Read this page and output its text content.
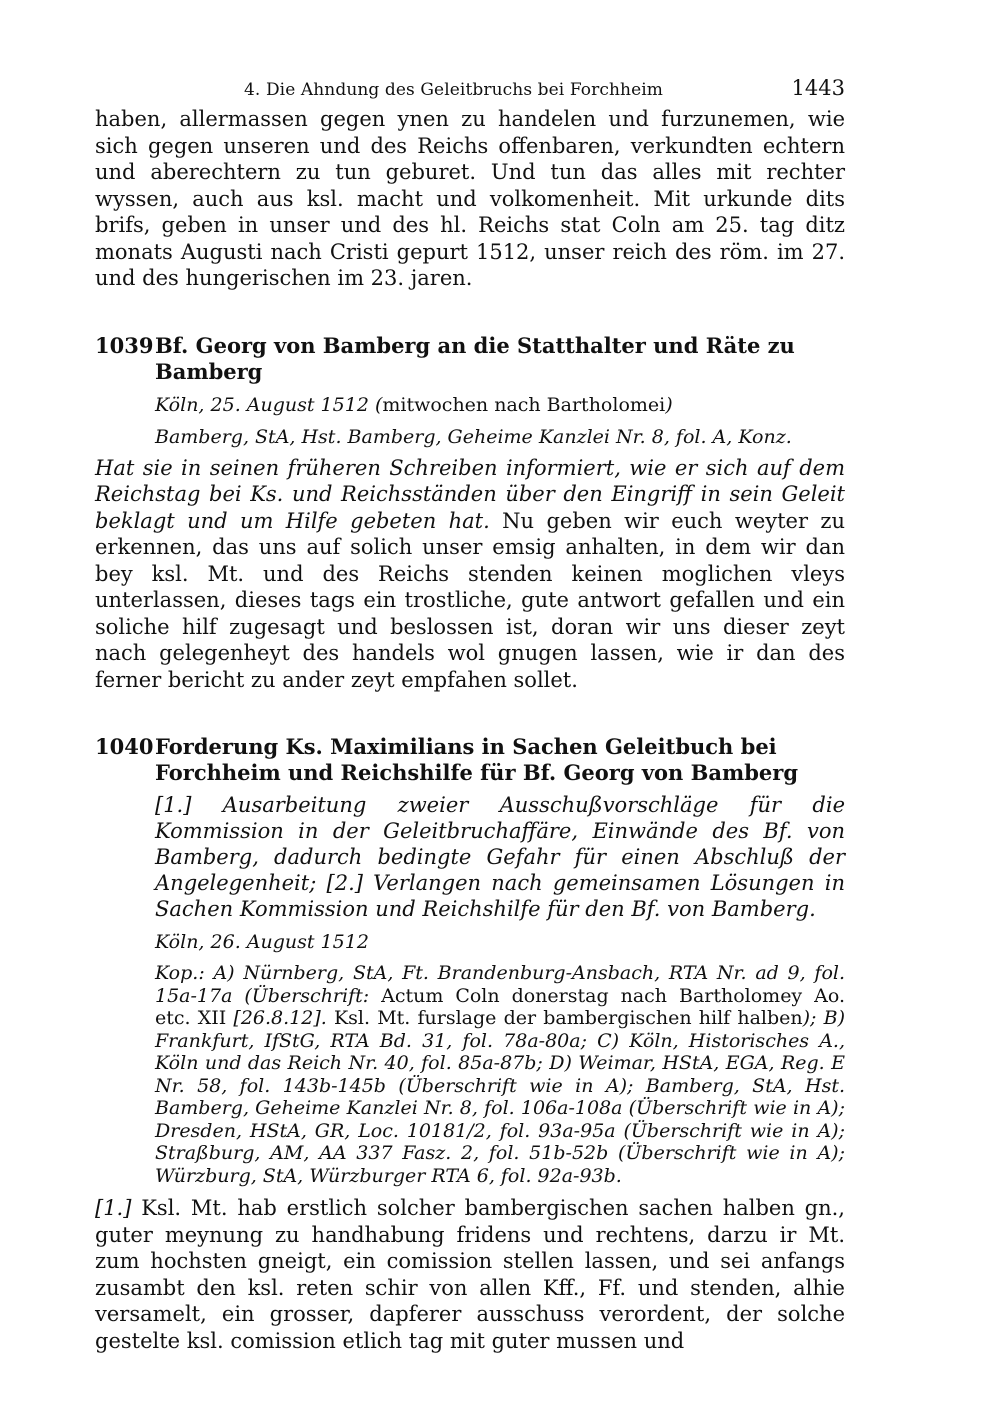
4. Die Ahndung des Geleitbruchs bei Forchheim	1443

haben, allermassen gegen ynen zu handelen und furzunemen, wie sich gegen unseren und des Reichs offenbaren, verkundten echtern und aberechtern zu tun geburet. Und tun das alles mit rechter wyssen, auch aus ksl. macht und volkomenheit. Mit urkunde dits brifs, geben in unser und des hl. Reichs stat Coln am 25. tag ditz monats Augusti nach Cristi gepurt 1512, unser reich des röm. im 27. und des hungerischen im 23. jaren.

1039 Bf. Georg von Bamberg an die Statthalter und Räte zu Bamberg

Köln, 25. August 1512 (mitwochen nach Bartholomei)

Bamberg, StA, Hst. Bamberg, Geheime Kanzlei Nr. 8, fol. A, Konz.

Hat sie in seinen früheren Schreiben informiert, wie er sich auf dem Reichstag bei Ks. und Reichsständen über den Eingriff in sein Geleit beklagt und um Hilfe gebeten hat. Nu geben wir euch weyter zu erkennen, das uns auf solich unser emsig anhalten, in dem wir dan bey ksl. Mt. und des Reichs stenden keinen moglichen vleys unterlassen, dieses tags ein trostliche, gute antwort gefallen und ein soliche hilf zugesagt und beslossen ist, doran wir uns dieser zeyt nach gelegenheyt des handels wol gnugen lassen, wie ir dan des ferner bericht zu ander zeyt empfahen sollet.

1040 Forderung Ks. Maximilians in Sachen Geleitbuch bei Forchheim und Reichshilfe für Bf. Georg von Bamberg

[1.] Ausarbeitung zweier Ausschußvorschläge für die Kommission in der Geleitbruchaffäre, Einwände des Bf. von Bamberg, dadurch bedingte Gefahr für einen Abschluß der Angelegenheit; [2.] Verlangen nach gemeinsamen Lösungen in Sachen Kommission und Reichshilfe für den Bf. von Bamberg.

Köln, 26. August 1512

Kop.: A) Nürnberg, StA, Ft. Brandenburg-Ansbach, RTA Nr. ad 9, fol. 15a-17a (Überschrift: Actum Coln donerstag nach Bartholomey Ao. etc. XII [26.8.12]. Ksl. Mt. furslage der bambergischen hilf halben); B) Frankfurt, IfStG, RTA Bd. 31, fol. 78a-80a; C) Köln, Historisches A., Köln und das Reich Nr. 40, fol. 85a-87b; D) Weimar, HStA, EGA, Reg. E Nr. 58, fol. 143b-145b (Überschrift wie in A); Bamberg, StA, Hst. Bamberg, Geheime Kanzlei Nr. 8, fol. 106a-108a (Überschrift wie in A); Dresden, HStA, GR, Loc. 10181/2, fol. 93a-95a (Überschrift wie in A); Straßburg, AM, AA 337 Fasz. 2, fol. 51b-52b (Überschrift wie in A); Würzburg, StA, Würzburger RTA 6, fol. 92a-93b.

[1.] Ksl. Mt. hab erstlich solcher bambergischen sachen halben gn., guter meynung zu handhabung fridens und rechtens, darzu ir Mt. zum hochsten gneigt, ein comission stellen lassen, und sei anfangs zusambt den ksl. reten schir von allen Kff., Ff. und stenden, alhie versamelt, ein grosser, dapferer ausschuss verordent, der solche gestelte ksl. comission etlich tag mit guter mussen und
